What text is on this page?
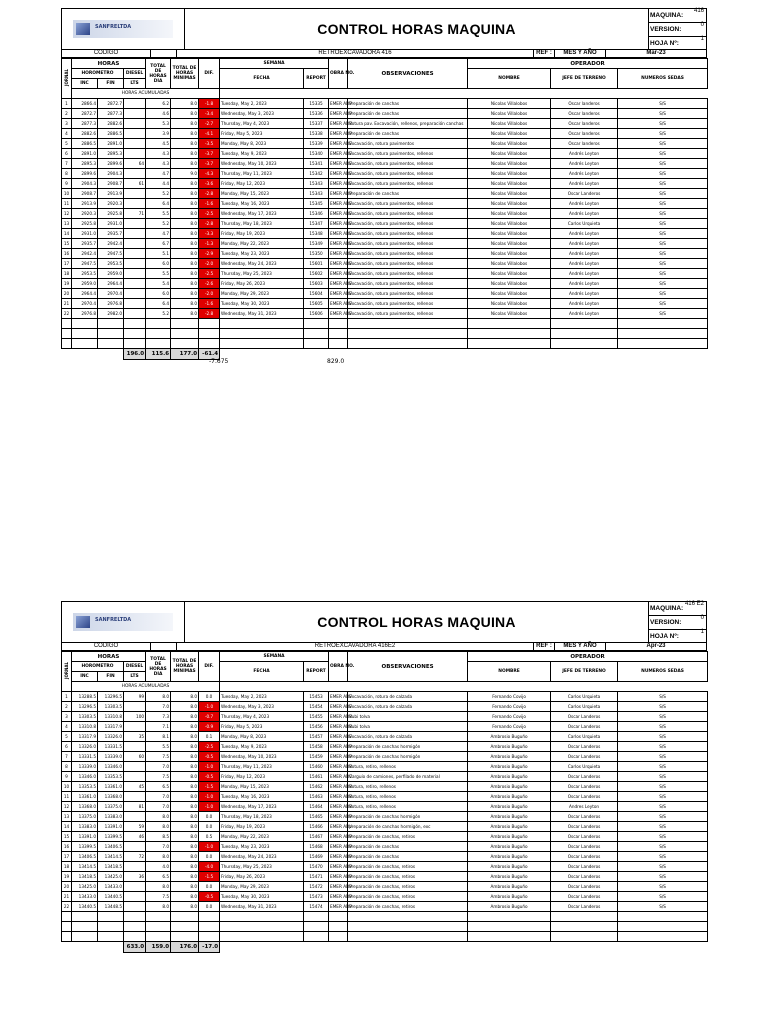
SANFRELTDA	CONTROL HORAS MAQUINA
MAQUINA:
416
VERSION:
0
HOJA Nº:
1
CODIGO	RETROEXCAVADORA 416	REF :	MES Y AÑO	Mar-23
JORNAL	HORAS			TOTAL DE HORAS DIA	TOTAL DE HORAS MINIMAS	DIF.	SEMANA		OBRA NO.	OBSERVACIONES	OPERADOR		
	HOROMETRO		DIESEL				FECHA	REPORT			NOMBRE	JEFE DE TERRENO	NUMEROS SEDAS
	INC	FIN	LTS										
	HORAS ACUMULADAS												
1	2866.4	2872.7		6.2	8.0	-1.8	Tuesday, May 2, 2023	15335	EMER ADV	Preparación de canchas	Nicolas Villalobos	Oscar landeros	S/S
2	2872.7	2877.3		4.6	8.0	-3.4	Wednesday, May 3, 2023	15336	EMER ADV	Preparación de canchas	Nicolas Villalobos	Oscar landeros	S/S
3	2877.3	2882.6		5.3	8.0	-2.7	Thursday, May 4, 2023	15337	EMER ADV	Rotura pav. Excavación, rellenos, preparación canchas	Nicolas Villalobos	Oscar landeros	S/S
4	2882.6	2886.5		3.9	8.0	-4.1	Friday, May 5, 2023	15338	EMER ADV	Preparación de canchas	Nicolas Villalobos	Oscar landeros	S/S
5	2886.5	2891.0		4.5	8.0	-3.5	Monday, May 8, 2023	15339	EMER ADV	Excavación, rotura pavimentos	Nicolas Villalobos	Oscar landeros	S/S
6	2891.0	2895.3		4.3	8.0	-3.7	Tuesday, May 9, 2023	15340	EMER ADV	Excavación, rotura pavimentos, rellenos	Nicolas Villalobos	Andrés Leyton	S/S
7	2895.3	2899.6	64	4.3	8.0	-3.7	Wednesday, May 10, 2023	15341	EMER ADV	Excavación, rotura pavimentos, rellenos	Nicolas Villalobos	Andrés Leyton	S/S
8	2899.6	2904.3		4.7	9.0	-4.3	Thursday, May 11, 2023	15342	EMER ADV	Excavación, rotura pavimentos, rellenos	Nicolas Villalobos	Andrés Leyton	S/S
9	2904.3	2908.7	61	4.4	8.0	-3.6	Friday, May 12, 2023	15343	EMER ADV	Excavación, rotura pavimentos, rellenos	Nicolas Villalobos	Andrés Leyton	S/S
10	2908.7	2913.9		5.2	8.0	-2.8	Monday, May 15, 2023	15343	EMER ADV	Preparación de canchas	Nicolas Villalobos	Oscar Landeros	S/S
11	2913.9	2920.3		6.4	8.0	-1.6	Tuesday, May 16, 2023	15345	EMER ADV	Excavación, rotura pavimentos, rellenos	Nicolas Villalobos	Andrés Leyton	S/S
12	2920.3	2925.8	71	5.5	8.0	-2.5	Wednesday, May 17, 2023	15346	EMER ADV	Excavación, rotura pavimentos, rellenos	Nicolas Villalobos	Andrés Leyton	S/S
13	2925.8	2931.0		5.2	8.0	-2.8	Thursday, May 18, 2023	15347	EMER ADV	Excavación, rotura pavimentos, rellenos	Nicolas Villalobos	Carlos Urquieta	S/S
14	2931.0	2935.7		4.7	8.0	-3.3	Friday, May 19, 2023	15348	EMER ADV	Excavación, rotura pavimentos, rellenos	Nicolas Villalobos	Andrés Leyton	S/S
15	2935.7	2942.4		6.7	8.0	-1.3	Monday, May 22, 2023	15349	EMER ADV	Excavación, rotura pavimentos, rellenos	Nicolas Villalobos	Andrés Leyton	S/S
16	2942.4	2947.5		5.1	8.0	-2.9	Tuesday, May 23, 2023	15350	EMER ADV	Excavación, rotura pavimentos, rellenos	Nicolas Villalobos	Andrés Leyton	S/S
17	2947.5	2953.5		6.0	8.0	-2.0	Wednesday, May 24, 2023	15601	EMER ADV	Excavación, rotura pavimentos, rellenos	Nicolas Villalobos	Andrés Leyton	S/S
18	2953.5	2959.0		5.5	8.0	-2.5	Thursday, May 25, 2023	15602	EMER ADV	Excavación, rotura pavimentos, rellenos	Nicolas Villalobos	Andrés Leyton	S/S
19	2959.0	2964.4		5.4	8.0	-2.6	Friday, May 26, 2023	15603	EMER ADV	Excavación, rotura pavimentos, rellenos	Nicolas Villalobos	Andrés Leyton	S/S
20	2964.4	2970.4		6.0	8.0	-2.0	Monday, May 29, 2023	15604	EMER ADV	Excavación, rotura pavimentos, rellenos	Nicolas Villalobos	Andrés Leyton	S/S
21	2970.4	2976.8		6.4	8.0	-1.6	Tuesday, May 30, 2023	15605	EMER ADV	Excavación, rotura pavimentos, rellenos	Nicolas Villalobos	Andrés Leyton	S/S
22	2976.8	2982.0		5.2	8.0	-2.8	Wednesday, May 31, 2023	15606	EMER ADV	Excavación, rotura pavimentos, rellenos	Nicolas Villalobos	Andrés Leyton	S/S

			196.0	115.6	177.0	-61.4							
-7.675	829.0
SANFRELTDA	CONTROL HORAS MAQUINA
MAQUINA:
416 E2
VERSION:
0
HOJA Nº:
1
CODIGO	RETROEXCAVADORA 416E2	REF :	MES Y AÑO	Apr-23
JORNAL	HORAS			TOTAL DE HORAS DIA	TOTAL DE HORAS MINIMAS	DIF.	SEMANA		OBRA NO.	OBSERVACIONES	OPERADOR		
	HOROMETRO		DIESEL				FECHA	REPORT			NOMBRE	JEFE DE TERRENO	NUMEROS SEDAS
	INC	FIN	LTS										
	HORAS ACUMULADAS												
1	13288.5	13296.5	99	8.0	8.0	0.0	Tuesday, May 2, 2023	15453	EMER ADV	Excavación, rotura de calzada	Fernando Covijo	Carlos Urquieta	S/S
2	13296.5	13303.5		7.0	8.0	-1.0	Wednesday, May 3, 2023	15454	EMER ADV	Excavación, rotura de calzada	Fernando Covijo	Carlos Urquieta	S/S
3	13303.5	13310.8	100	7.3	8.0	-0.7	Thursday, May 4, 2023	15455	EMER ADV	Rubi tolva	Fernando Covijo	Oscar Landeros	S/S
4	13310.8	13317.9		7.1	8.0	-0.9	Friday, May 5, 2023	15456	EMER ADV	Rubi tolva	Fernando Covijo	Oscar Landeros	S/S
5	13317.9	13326.0	35	8.1	8.0	0.1	Monday, May 8, 2023	15457	EMER ADV	Excavación, rotura de calzada	Ambrosio Buguño	Carlos Urquieta	S/S
6	13326.0	13331.5		5.5	8.0	-2.5	Tuesday, May 9, 2023	15458	EMER ADV	Preparación de canchas hormigón	Ambrosio Buguño	Oscar Landeros	S/S
7	13331.5	13339.0	60	7.5	8.0	-0.5	Wednesday, May 10, 2023	15459	EMER ADV	Preparación de canchas hormigón	Ambrosio Buguño	Oscar Landeros	S/S
8	13339.0	13346.0		7.0	8.0	-1.0	Thursday, May 11, 2023	15460	EMER ADV	Rotura, retiro, rellenos	Ambrosio Buguño	Carlos Urquieta	S/S
9	13346.0	13353.5		7.5	8.0	-0.5	Friday, May 12, 2023	15461	EMER ADV	Carguío de camiones, perfilado de material	Ambrosio Buguño	Oscar Landeros	S/S
10	13353.5	13361.0	45	6.5	8.0	-1.5	Monday, May 15, 2023	15462	EMER ADV	Rotura, retiro, rellenos	Ambrosio Buguño	Oscar Landeros	S/S
11	13361.0	13368.0		7.0	8.0	-1.0	Tuesday, May 16, 2023	15463	EMER ADV	Rotura, retiro, rellenos	Ambrosio Buguño	Oscar Landeros	S/S
12	13368.0	13375.0	81	7.0	8.0	-1.0	Wednesday, May 17, 2023	15464	EMER ADV	Rotura, retiro, rellenos	Ambrosio Buguño	Andres Leyton	S/S
13	13375.0	13383.0		8.0	8.0	0.0	Thursday, May 18, 2023	15465	EMER ADV	Preparación de canchas hormigón	Ambrosio Buguño	Oscar Landeros	S/S
14	13383.0	13391.0	59	8.0	8.0	0.0	Friday, May 19, 2023	15466	EMER ADV	preparación de canchas hormigón, exc	Ambrosio Buguño	Oscar Landeros	S/S
15	13391.0	13399.5	46	8.5	8.0	0.5	Monday, May 22, 2023	15467	EMER ADV	Preparación de canchas, retiros	Ambrosio Buguño	Oscar Landeros	S/S
16	13399.5	13406.5		7.0	8.0	-1.0	Tuesday, May 23, 2023	15468	EMER ADV	Preparación de canchas	Ambrosio Buguño	Oscar Landeros	S/S
17	13406.5	13414.5	72	8.0	8.0	0.0	Wednesday, May 24, 2023	15469	EMER ADV	Preparación de canchas	Ambrosio Buguño	Oscar Landeros	S/S
18	13414.5	13418.5		4.0	8.0	-4.0	Thursday, May 25, 2023	15470	EMER ADV	Preparación de canchas, retiros	Ambrosio Buguño	Oscar Landeros	S/S
19	13418.5	13425.0	36	6.5	8.0	-1.5	Friday, May 26, 2023	15471	EMER ADV	Preparación de canchas, retiros	Ambrosio Buguño	Oscar Landeros	S/S
20	13425.0	13433.0		8.0	8.0	0.0	Monday, May 29, 2023	15472	EMER ADV	Preparación de canchas, retiros	Ambrosio Buguño	Oscar Landeros	S/S
21	13433.0	13440.5		7.5	8.0	-0.5	Tuesday, May 30, 2023	15473	EMER ADV	Preparación de canchas, retiros	Ambrosio Buguño	Oscar Landeros	S/S
22	13440.5	13448.5		8.0	8.0	0.0	Wednesday, May 31, 2023	15474	EMER ADV	Preparación de canchas, retiros	Ambrosio Buguño	Oscar Landeros	S/S

			633.0	159.0	176.0	-17.0							
